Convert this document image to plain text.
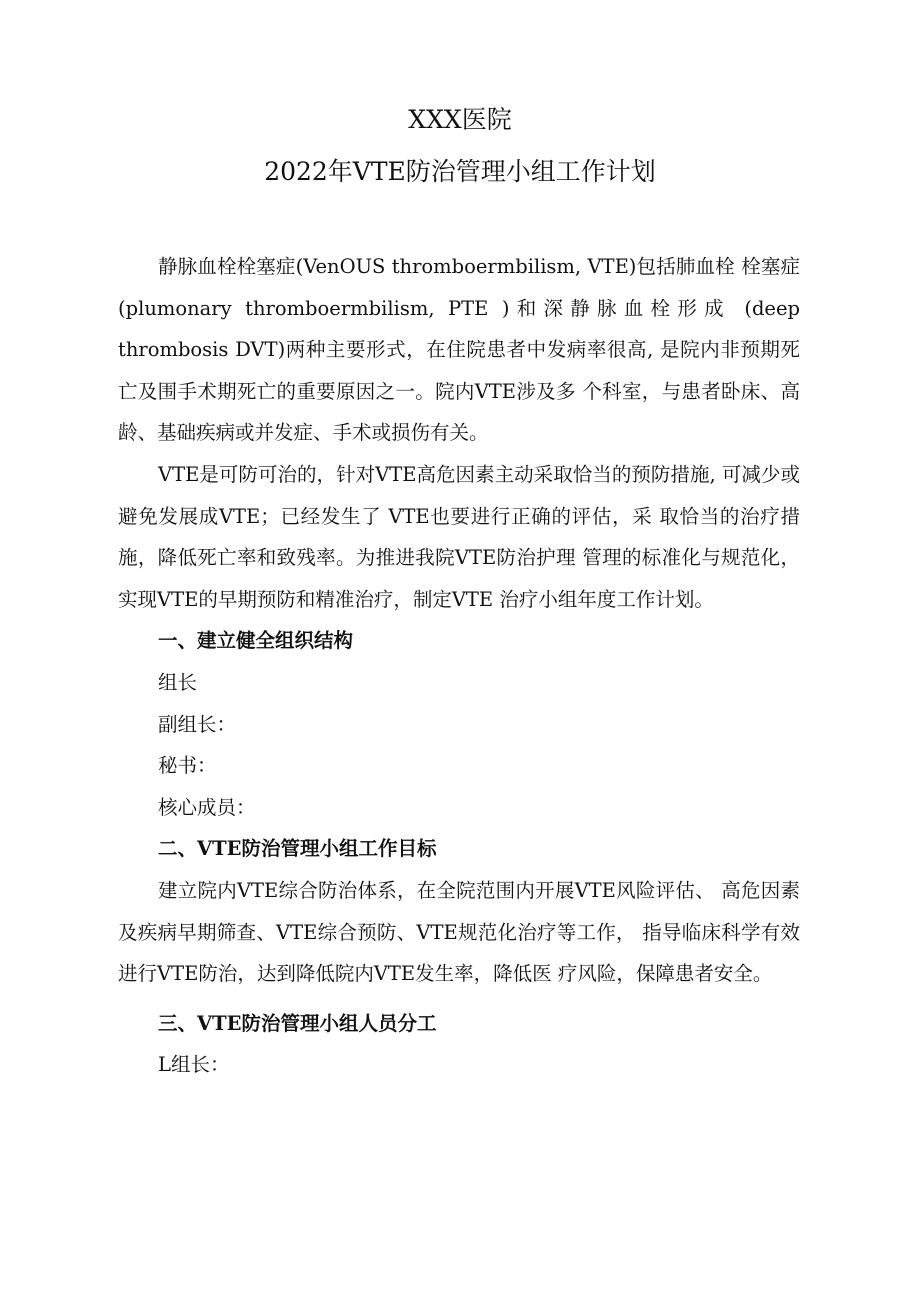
XXX医院
2022年VTE防治管理小组工作计划

静脉血栓栓塞症(VenOUS thromboermbilism, VTE)包括肺血栓 栓塞症(plumonary thromboermbilism, PTE )和深静脉血栓形成 (deep thrombosis DVT)两种主要形式，在住院患者中发病率很高, 是院内非预期死亡及围手术期死亡的重要原因之一。院内VTE涉及多 个科室，与患者卧床、高龄、基础疾病或并发症、手术或损伤有关。

VTE是可防可治的，针对VTE高危因素主动采取恰当的预防措施, 可减少或避免发展成VTE；已经发生了 VTE也要进行正确的评估，采 取恰当的治疗措施，降低死亡率和致残率。为推进我院VTE防治护理 管理的标准化与规范化，实现VTE的早期预防和精准治疗，制定VTE 治疗小组年度工作计划。

一、建立健全组织结构

组长

副组长：

秘书：

核心成员：

二、VTE防治管理小组工作目标

建立院内VTE综合防治体系，在全院范围内开展VTE风险评估、 高危因素及疾病早期筛查、VTE综合预防、VTE规范化治疗等工作， 指导临床科学有效进行VTE防治，达到降低院内VTE发生率，降低医 疗风险，保障患者安全。

三、VTE防治管理小组人员分工

L组长：
